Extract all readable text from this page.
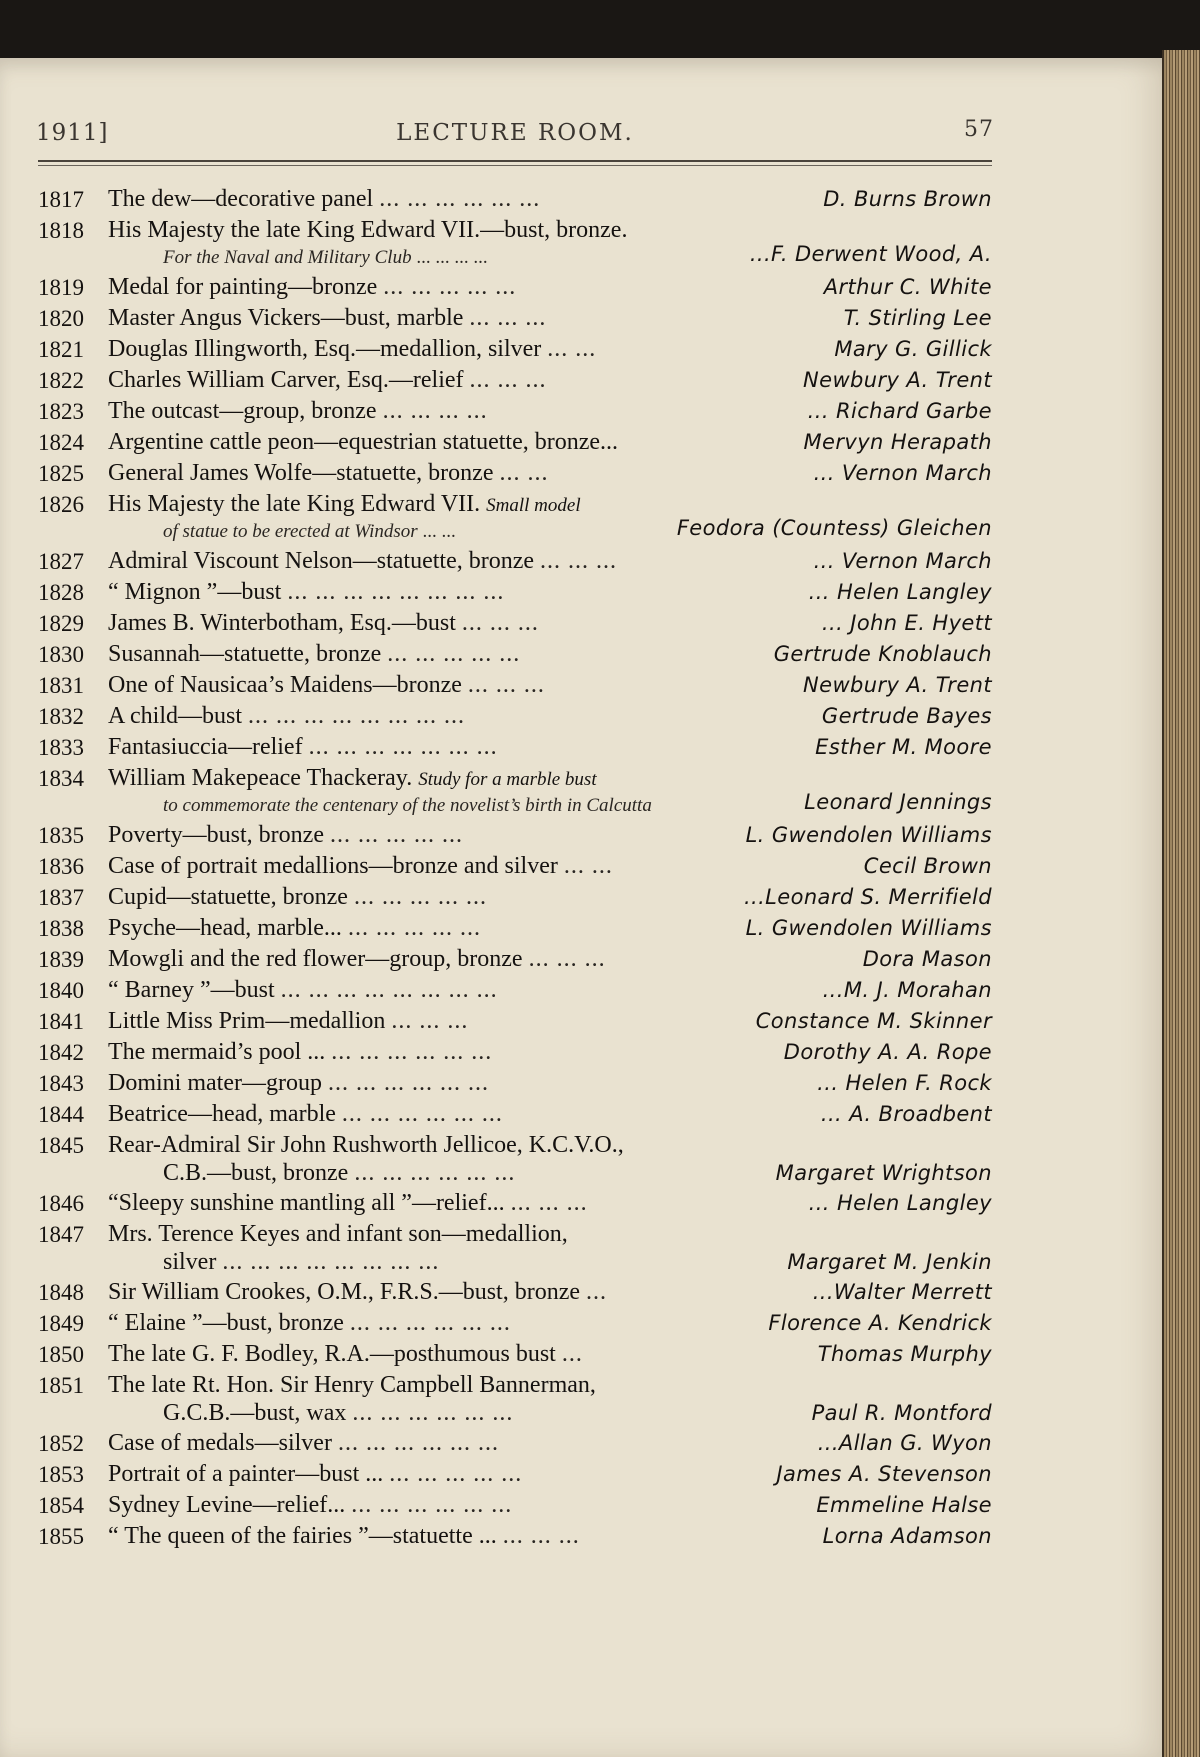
1911]	LECTURE ROOM.	57
1817	The dew—decorative panel ... ... ... ... ... ...	D. Burns Brown
1818	His Majesty the late King Edward VII.—bust, bronze.
For the Naval and Military Club ... ... ... ...	...F. Derwent Wood, A.
1819	Medal for painting—bronze ... ... ... ... ...	Arthur C. White
1820	Master Angus Vickers—bust, marble ... ... ...	T. Stirling Lee
1821	Douglas Illingworth, Esq.—medallion, silver ... ...	Mary G. Gillick
1822	Charles William Carver, Esq.—relief ... ... ...	Newbury A. Trent
1823	The outcast—group, bronze ... ... ... ...	... Richard Garbe
1824	Argentine cattle peon—equestrian statuette, bronze...	Mervyn Herapath
1825	General James Wolfe—statuette, bronze ... ...	... Vernon March
1826	His Majesty the late King Edward VII. Small model
of statue to be erected at Windsor ... ...	Feodora (Countess) Gleichen
1827	Admiral Viscount Nelson—statuette, bronze ... ... ...	... Vernon March
1828	“ Mignon ”—bust ... ... ... ... ... ... ... ...	... Helen Langley
1829	James B. Winterbotham, Esq.—bust ... ... ...	... John E. Hyett
1830	Susannah—statuette, bronze ... ... ... ... ...	Gertrude Knoblauch
1831	One of Nausicaa’s Maidens—bronze ... ... ...	Newbury A. Trent
1832	A child—bust ... ... ... ... ... ... ... ...	Gertrude Bayes
1833	Fantasiuccia—relief ... ... ... ... ... ... ...	Esther M. Moore
1834	William Makepeace Thackeray. Study for a marble bust
to commemorate the centenary of the novelist’s birth in Calcutta	Leonard Jennings
1835	Poverty—bust, bronze ... ... ... ... ...	L. Gwendolen Williams
1836	Case of portrait medallions—bronze and silver ... ...	Cecil Brown
1837	Cupid—statuette, bronze ... ... ... ... ...	...Leonard S. Merrifield
1838	Psyche—head, marble... ... ... ... ... ...	L. Gwendolen Williams
1839	Mowgli and the red flower—group, bronze ... ... ...	Dora Mason
1840	“ Barney ”—bust ... ... ... ... ... ... ... ...	...M. J. Morahan
1841	Little Miss Prim—medallion ... ... ...	Constance M. Skinner
1842	The mermaid’s pool ... ... ... ... ... ... ...	Dorothy A. A. Rope
1843	Domini mater—group ... ... ... ... ... ...	... Helen F. Rock
1844	Beatrice—head, marble ... ... ... ... ... ...	... A. Broadbent
1845	Rear-Admiral Sir John Rushworth Jellicoe, K.C.V.O.,
C.B.—bust, bronze ... ... ... ... ... ...	Margaret Wrightson
1846	“Sleepy sunshine mantling all ”—relief... ... ... ...	... Helen Langley
1847	Mrs. Terence Keyes and infant son—medallion,
silver ... ... ... ... ... ... ... ...	Margaret M. Jenkin
1848	Sir William Crookes, O.M., F.R.S.—bust, bronze ...	...Walter Merrett
1849	“ Elaine ”—bust, bronze ... ... ... ... ... ...	Florence A. Kendrick
1850	The late G. F. Bodley, R.A.—posthumous bust ...	Thomas Murphy
1851	The late Rt. Hon. Sir Henry Campbell Bannerman,
G.C.B.—bust, wax ... ... ... ... ... ...	Paul R. Montford
1852	Case of medals—silver ... ... ... ... ... ...	...Allan G. Wyon
1853	Portrait of a painter—bust ... ... ... ... ... ...	James A. Stevenson
1854	Sydney Levine—relief... ... ... ... ... ... ...	Emmeline Halse
1855	“ The queen of the fairies ”—statuette ... ... ... ...	Lorna Adamson
